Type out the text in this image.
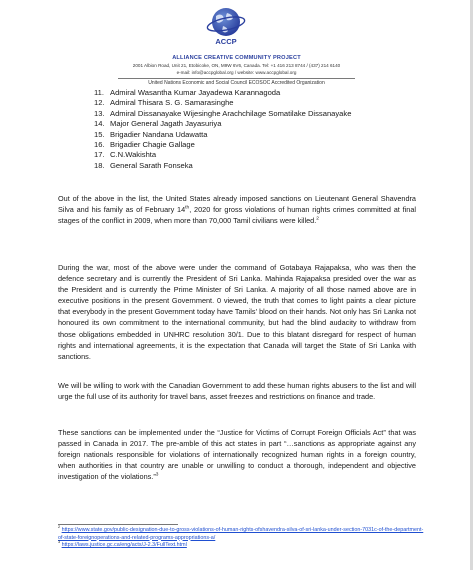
ACCP
ALLIANCE CREATIVE COMMUNITY PROJECT
2001 Albion Road, Unit 21, Etobicoke, ON, M9W 6V6, Canada. Tel: +1 416 213 8744 / (437) 214 6140
e-mail: info@accpglobal.org / website: www.accpglobal.org
United Nations Economic and Social Council ECOSOC Accredited Organization
11. Admiral Wasantha Kumar Jayadewa Karannagoda
12. Admiral Thisara S. G. Samarasinghe
13. Admiral Dissanayake Wijesinghe Arachchilage Somatilake Dissanayake
14. Major General Jagath Jayasuriya
15. Brigadier Nandana Udawatta
16. Brigadier Chagie Gallage
17. C.N.Wakishta
18. General Sarath Fonseka

Out of the above in the list, the United States already imposed sanctions on Lieutenant General Shavendra Silva and his family as of February 14th, 2020 for gross violations of human rights crimes committed at final stages of the conflict in 2009, when more than 70,000 Tamil civilians were killed.$^2$

During the war, most of the above were under the command of Gotabaya Rajapaksa, who was then the defence secretary and is currently the President of Sri Lanka. Mahinda Rajapaksa presided over the war as the President and is currently the Prime Minister of Sri Lanka. A majority of all those named above are in executive positions in the present Government. 0 viewed, the truth that comes to light paints a clear picture that everybody in the present Government today have Tamils' blood on their hands. Not only has Sri Lanka not honoured its own commitment to the international community, but had the blind audacity to withdraw from those obligations embedded in UNHRC resolution 30/1. Due to this blatant disregard for respect of human rights and international agreements, it is the expectation that Canada will target the State of Sri Lanka with sanctions.

We will be willing to work with the Canadian Government to add these human rights abusers to the list and will urge the full use of its authority for travel bans, asset freezes and restrictions on finance and trade.

These sanctions can be implemented under the “Justice for Victims of Corrupt Foreign Officials Act” that was passed in Canada in 2017. The pre-amble of this act states in part “…sanctions as appropriate against any foreign nationals responsible for violations of internationally recognized human rights in a foreign country, when authorities in that country are unable or unwilling to conduct a thorough, independent and objective investigation of the violations.”$^3$

$^2$ https://www.state.gov/public-designation-due-to-gross-violations-of-human-rights-ofshavendra-silva-of-sri-lanka-under-section-7031c-of-the-department-of-state-foreignoperations-and-related-programs-appropriations-a/
$^3$ https://laws.justice.gc.ca/eng/acts/J-2.3/FullText.html
